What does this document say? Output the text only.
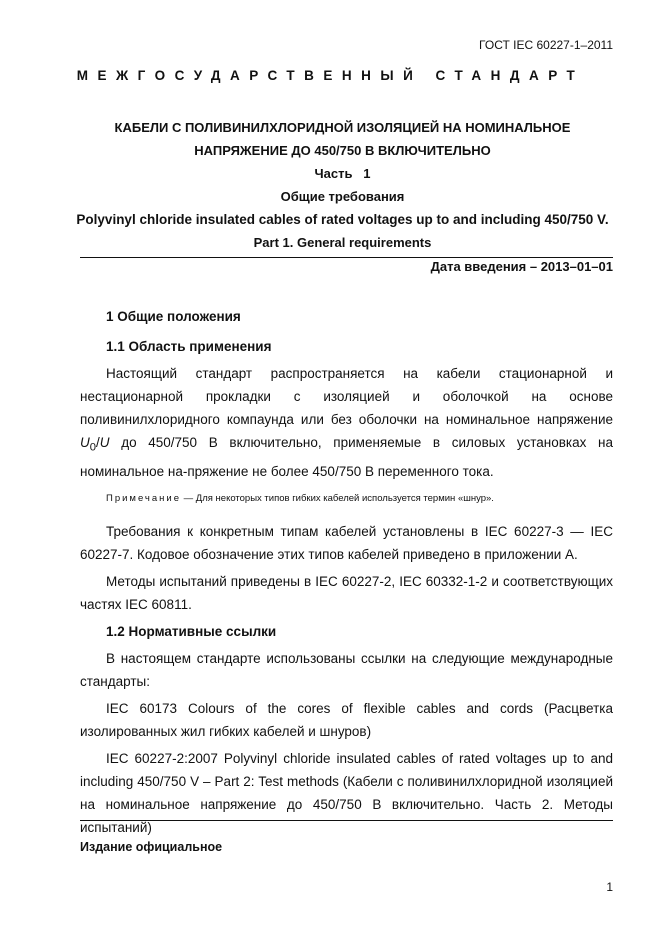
ГОСТ IEC 60227-1–2011
МЕЖГОСУДАРСТВЕННЫЙ СТАНДАРТ
КАБЕЛИ С ПОЛИВИНИЛХЛОРИДНОЙ ИЗОЛЯЦИЕЙ НА НОМИНАЛЬНОЕ
НАПРЯЖЕНИЕ ДО 450/750 В ВКЛЮЧИТЕЛЬНО
Часть   1
Общие требования
Polyvinyl chloride insulated cables of rated voltages up to and including 450/750 V.
Part 1. General requirements
Дата введения – 2013–01–01
1 Общие положения
1.1 Область применения

Настоящий стандарт распространяется на кабели стационарной и нестационарной прокладки с изоляцией и оболочкой на основе поливинилхлоридного компаунда или без оболочки на номинальное напряжение $U_0/U$ до 450/750 В включительно, применяемые в силовых установках на номинальное на-пряжение не более 450/750 В переменного тока.

Примечание — Для некоторых типов гибких кабелей используется термин «шнур».

Требования к конкретным типам кабелей установлены в IEC 60227-3 — IEC 60227-7. Кодовое обозначение этих типов кабелей приведено в приложении А.

Методы испытаний приведены в IEC 60227-2, IEC 60332-1-2 и соответствующих частях IEC 60811.

1.2 Нормативные ссылки

В настоящем стандарте использованы ссылки на следующие международные стандарты:

IEC 60173 Colours of the cores of flexible cables and cords (Расцветка изолированных жил гибких кабелей и шнуров)

IEC 60227-2:2007 Polyvinyl chloride insulated cables of rated voltages up to and including 450/750 V – Part 2: Test methods (Кабели с поливинилхлоридной изоляцией на номинальное напряжение до 450/750 В включительно. Часть 2. Методы испытаний)

Издание официальное
1
